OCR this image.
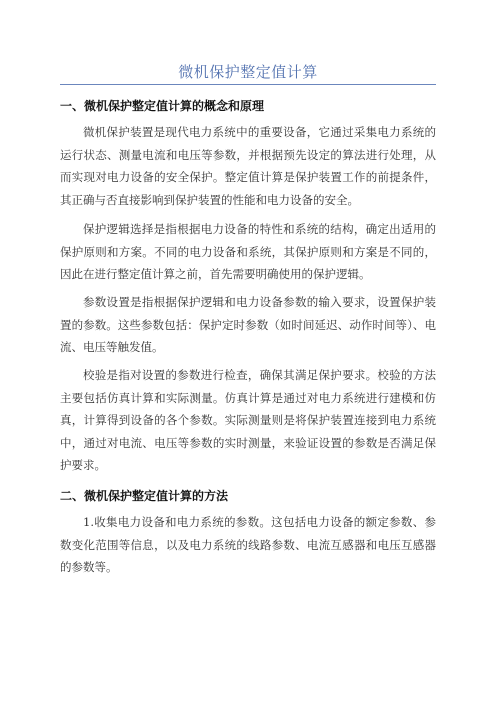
微机保护整定值计算
一、微机保护整定值计算的概念和原理

微机保护装置是现代电力系统中的重要设备，它通过采集电力系统的运行状态、测量电流和电压等参数，并根据预先设定的算法进行处理，从而实现对电力设备的安全保护。整定值计算是保护装置工作的前提条件，其正确与否直接影响到保护装置的性能和电力设备的安全。

保护逻辑选择是指根据电力设备的特性和系统的结构，确定出适用的保护原则和方案。不同的电力设备和系统，其保护原则和方案是不同的，因此在进行整定值计算之前，首先需要明确使用的保护逻辑。

参数设置是指根据保护逻辑和电力设备参数的输入要求，设置保护装置的参数。这些参数包括：保护定时参数（如时间延迟、动作时间等）、电流、电压等触发值。

校验是指对设置的参数进行检查，确保其满足保护要求。校验的方法主要包括仿真计算和实际测量。仿真计算是通过对电力系统进行建模和仿真，计算得到设备的各个参数。实际测量则是将保护装置连接到电力系统中，通过对电流、电压等参数的实时测量，来验证设置的参数是否满足保护要求。

二、微机保护整定值计算的方法

1.收集电力设备和电力系统的参数。这包括电力设备的额定参数、参数变化范围等信息，以及电力系统的线路参数、电流互感器和电压互感器的参数等。
